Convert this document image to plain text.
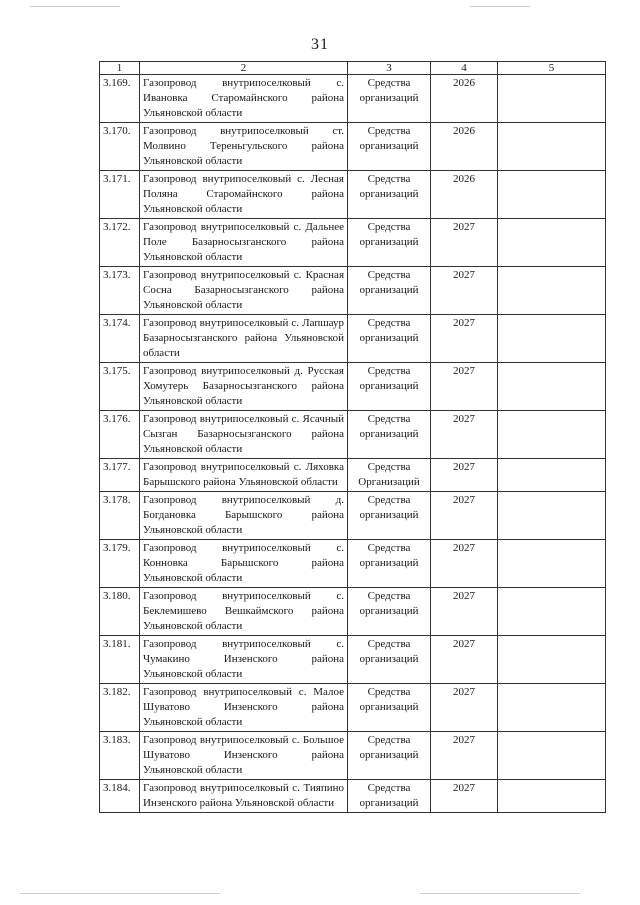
31
1	2	3	4	5
3.169.	Газопровод внутрипоселковый с. Ивановка Старомайнского района Ульяновской области	Средства организаций	2026	
3.170.	Газопровод внутрипоселковый ст. Молвино Тереньгульского района Ульяновской области	Средства организаций	2026	
3.171.	Газопровод внутрипоселковый с. Лесная Поляна Старомайнского района Ульяновской области	Средства организаций	2026	
3.172.	Газопровод внутрипоселковый с. Дальнее Поле Базарносызганского района Ульяновской области	Средства организаций	2027	
3.173.	Газопровод внутрипоселковый с. Красная Сосна Базарносызганского района Ульяновской области	Средства организаций	2027	
3.174.	Газопровод внутрипоселковый с. Лапшаур Базарносызганского района Ульяновской области	Средства организаций	2027	
3.175.	Газопровод внутрипоселковый д. Русская Хомутерь Базарносызганского района Ульяновской области	Средства организаций	2027	
3.176.	Газопровод внутрипоселковый с. Ясачный Сызган Базарносызганского района Ульяновской области	Средства организаций	2027	
3.177.	Газопровод внутрипоселковый с. Ляховка Барышского района Ульяновской области	Средства Организаций	2027	
3.178.	Газопровод внутрипоселковый д. Богдановка Барышского района Ульяновской области	Средства организаций	2027	
3.179.	Газопровод внутрипоселковый с. Конновка Барышского района Ульяновской области	Средства организаций	2027	
3.180.	Газопровод внутрипоселковый с. Беклемишево Вешкаймского района Ульяновской области	Средства организаций	2027	
3.181.	Газопровод внутрипоселковый с. Чумакино Инзенского района Ульяновской области	Средства организаций	2027	
3.182.	Газопровод внутрипоселковый с. Малое Шуватово Инзенского района Ульяновской области	Средства организаций	2027	
3.183.	Газопровод внутрипоселковый с. Большое Шуватово Инзенского района Ульяновской области	Средства организаций	2027	
3.184.	Газопровод внутрипоселковый с. Тияпино Инзенского района Ульяновской области	Средства организаций	2027	
